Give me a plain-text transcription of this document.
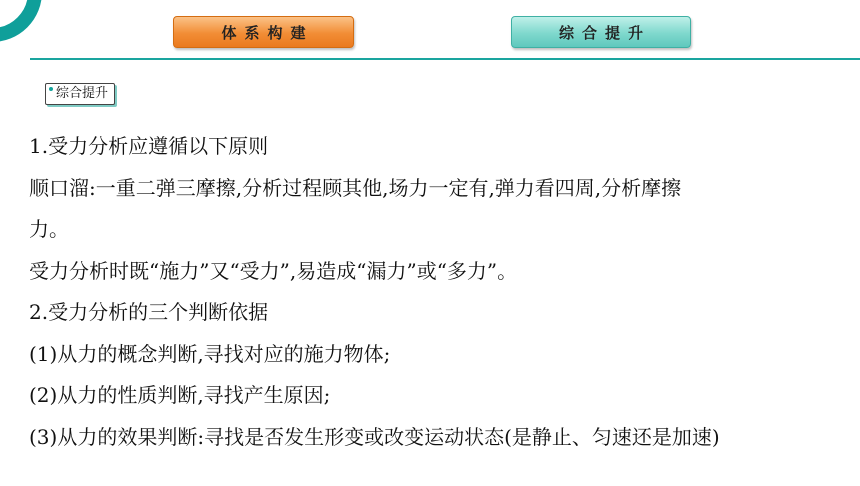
体系构建	综合提升
综合提升
1.受力分析应遵循以下原则
顺口溜:一重二弹三摩擦,分析过程顾其他,场力一定有,弹力看四周,分析摩擦
力。
受力分析时既“施力”又“受力”,易造成“漏力”或“多力”。
2.受力分析的三个判断依据
(1)从力的概念判断,寻找对应的施力物体;
(2)从力的性质判断,寻找产生原因;
(3)从力的效果判断:寻找是否发生形变或改变运动状态(是静止、匀速还是加速)
